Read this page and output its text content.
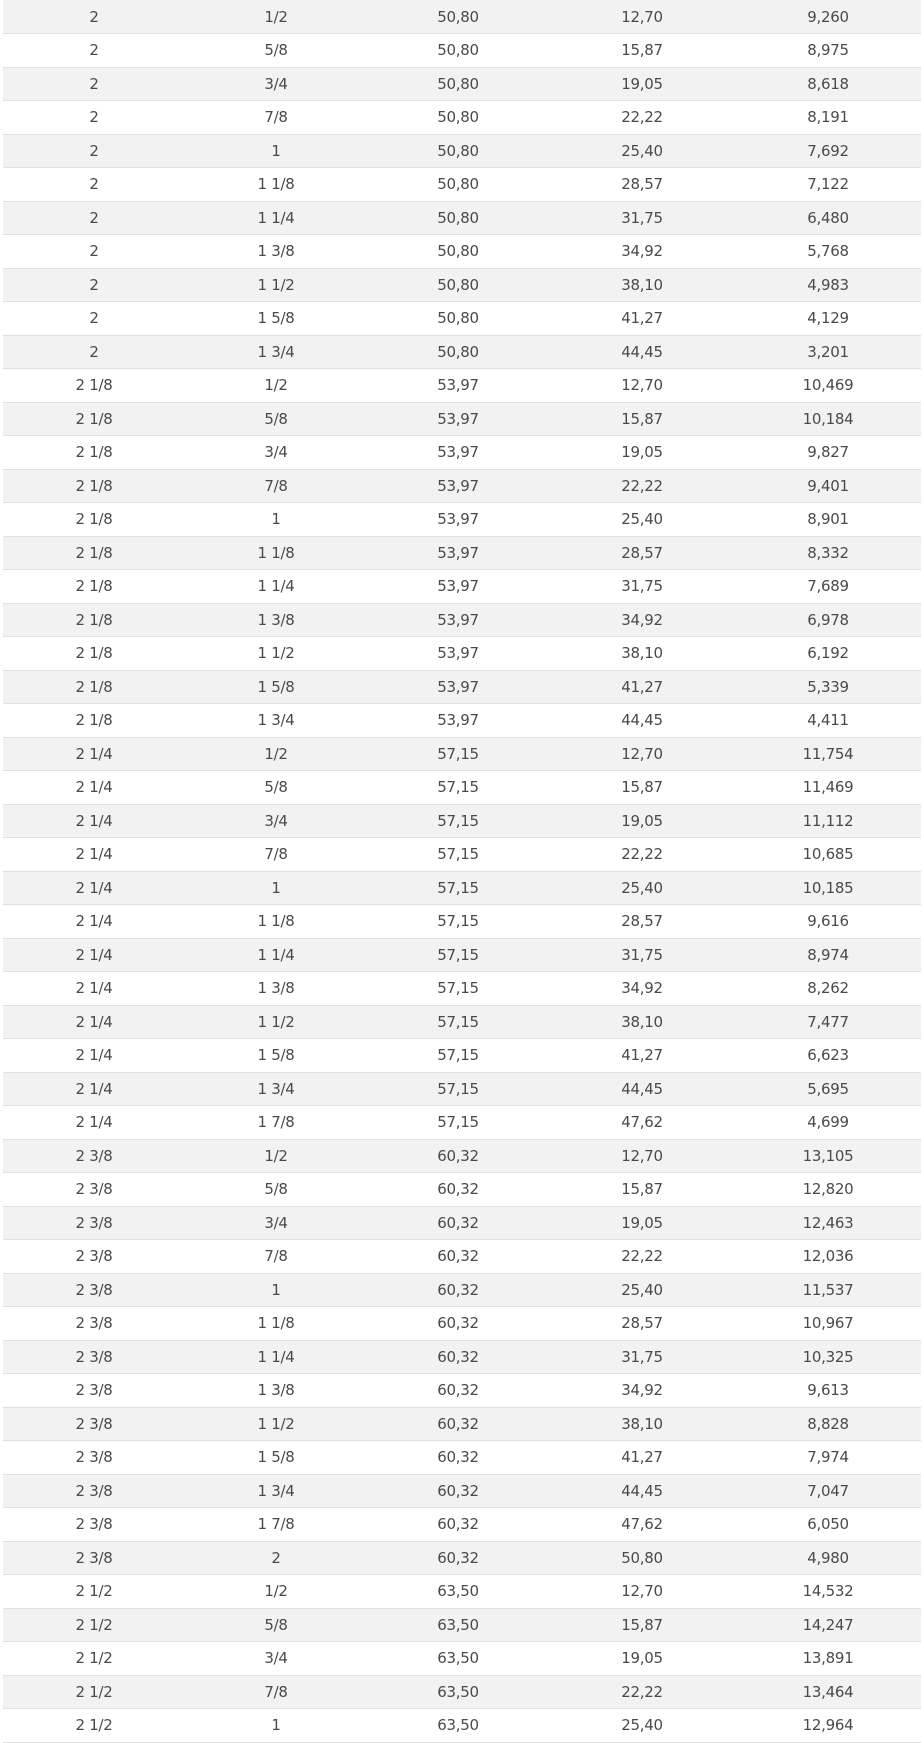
2	1/2	50,80	12,70	9,260
2	5/8	50,80	15,87	8,975
2	3/4	50,80	19,05	8,618
2	7/8	50,80	22,22	8,191
2	1	50,80	25,40	7,692
2	1 1/8	50,80	28,57	7,122
2	1 1/4	50,80	31,75	6,480
2	1 3/8	50,80	34,92	5,768
2	1 1/2	50,80	38,10	4,983
2	1 5/8	50,80	41,27	4,129
2	1 3/4	50,80	44,45	3,201
2 1/8	1/2	53,97	12,70	10,469
2 1/8	5/8	53,97	15,87	10,184
2 1/8	3/4	53,97	19,05	9,827
2 1/8	7/8	53,97	22,22	9,401
2 1/8	1	53,97	25,40	8,901
2 1/8	1 1/8	53,97	28,57	8,332
2 1/8	1 1/4	53,97	31,75	7,689
2 1/8	1 3/8	53,97	34,92	6,978
2 1/8	1 1/2	53,97	38,10	6,192
2 1/8	1 5/8	53,97	41,27	5,339
2 1/8	1 3/4	53,97	44,45	4,411
2 1/4	1/2	57,15	12,70	11,754
2 1/4	5/8	57,15	15,87	11,469
2 1/4	3/4	57,15	19,05	11,112
2 1/4	7/8	57,15	22,22	10,685
2 1/4	1	57,15	25,40	10,185
2 1/4	1 1/8	57,15	28,57	9,616
2 1/4	1 1/4	57,15	31,75	8,974
2 1/4	1 3/8	57,15	34,92	8,262
2 1/4	1 1/2	57,15	38,10	7,477
2 1/4	1 5/8	57,15	41,27	6,623
2 1/4	1 3/4	57,15	44,45	5,695
2 1/4	1 7/8	57,15	47,62	4,699
2 3/8	1/2	60,32	12,70	13,105
2 3/8	5/8	60,32	15,87	12,820
2 3/8	3/4	60,32	19,05	12,463
2 3/8	7/8	60,32	22,22	12,036
2 3/8	1	60,32	25,40	11,537
2 3/8	1 1/8	60,32	28,57	10,967
2 3/8	1 1/4	60,32	31,75	10,325
2 3/8	1 3/8	60,32	34,92	9,613
2 3/8	1 1/2	60,32	38,10	8,828
2 3/8	1 5/8	60,32	41,27	7,974
2 3/8	1 3/4	60,32	44,45	7,047
2 3/8	1 7/8	60,32	47,62	6,050
2 3/8	2	60,32	50,80	4,980
2 1/2	1/2	63,50	12,70	14,532
2 1/2	5/8	63,50	15,87	14,247
2 1/2	3/4	63,50	19,05	13,891
2 1/2	7/8	63,50	22,22	13,464
2 1/2	1	63,50	25,40	12,964
